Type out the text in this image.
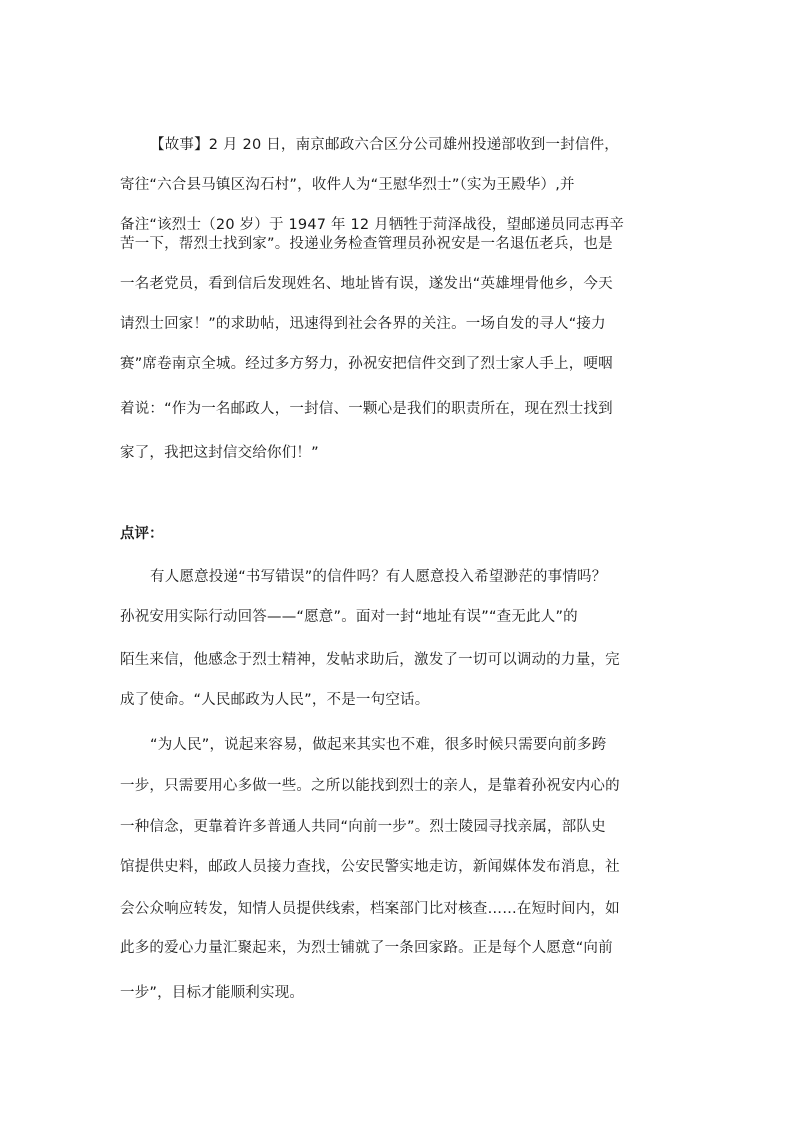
【故事】2 月 20 日，南京邮政六合区分公司雄州投递部收到一封信件，
寄往“六合县马镇区沟石村”，收件人为“王慰华烈士”（实为王殿华）,并
备注“该烈士（20 岁）于 1947 年 12 月牺牲于菏泽战役，望邮递员同志再辛
苦一下，帮烈士找到家”。投递业务检查管理员孙祝安是一名退伍老兵，也是
一名老党员，看到信后发现姓名、地址皆有误，遂发出“英雄埋骨他乡，今天
请烈士回家！”的求助帖，迅速得到社会各界的关注。一场自发的寻人“接力
赛”席卷南京全城。经过多方努力，孙祝安把信件交到了烈士家人手上，哽咽
着说：“作为一名邮政人，一封信、一颗心是我们的职责所在，现在烈士找到
家了，我把这封信交给你们！”
点评：
有人愿意投递“书写错误”的信件吗？有人愿意投入希望渺茫的事情吗？
孙祝安用实际行动回答——“愿意”。面对一封“地址有误”“查无此人”的
陌生来信，他感念于烈士精神，发帖求助后，激发了一切可以调动的力量，完
成了使命。“人民邮政为人民”，不是一句空话。
“为人民”，说起来容易，做起来其实也不难，很多时候只需要向前多跨
一步，只需要用心多做一些。之所以能找到烈士的亲人，是靠着孙祝安内心的
一种信念，更靠着许多普通人共同“向前一步”。烈士陵园寻找亲属，部队史
馆提供史料，邮政人员接力查找，公安民警实地走访，新闻媒体发布消息，社
会公众响应转发，知情人员提供线索，档案部门比对核查……在短时间内，如
此多的爱心力量汇聚起来，为烈士铺就了一条回家路。正是每个人愿意“向前
一步”，目标才能顺利实现。
